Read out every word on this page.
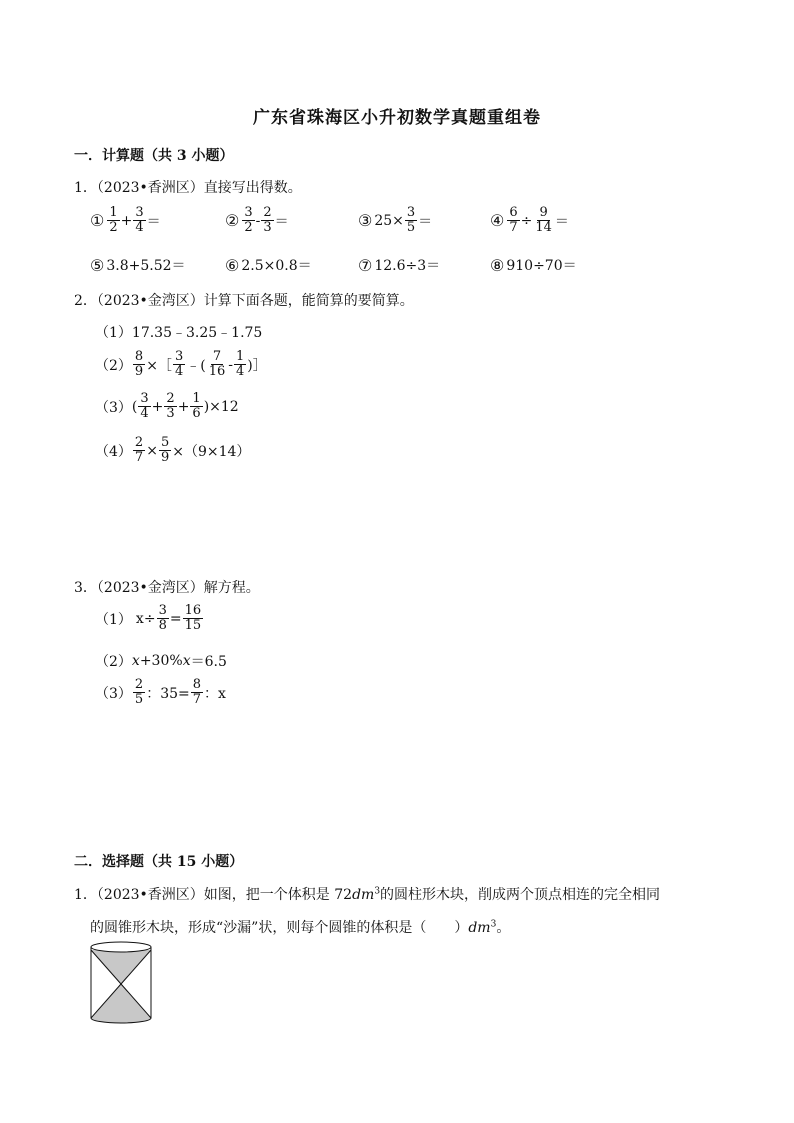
广东省珠海区小升初数学真题重组卷
一．计算题（共 3 小题）
1．（2023•香洲区）直接写出得数。
① $\frac{1}{2} + \frac{3}{4}$ ＝	② $\frac{3}{2} - \frac{2}{3}$ ＝	③ $25\times \frac{3}{5}$ ＝	④ $\frac{6}{7} \div \frac{9}{14}$ ＝
⑤ 3.8+5.52＝ ⑥ 2.5×0.8＝	⑦ 12.6÷3＝	⑧ 910÷70＝
2．（2023•金湾区）计算下面各题，能简算的要简算。
（1） 17.35﹣3.25﹣1.75
$(2) \frac{8}{9}$ ×［ $\frac{3}{4}$ ﹣( $\frac{7}{16} - \frac{1}{4}$ )］
（3） ( $\frac{3}{4} + \frac{2}{3} + \frac{1}{6} )\times 12$
$(4) \frac{2}{7} \times \frac{5}{9} \times(9\times 14)$
3．（2023•金湾区）解方程。
（1） $x\div \frac{3}{8} = \frac{16}{15}$
（2） x +30% x ＝6.5
$(3) \frac{2}{5}$ ：$35= \frac{8}{7}$ ：x
二．选择题（共 15 小题）
1．（2023•香洲区）如图，把一个体积是 $72dm^3$的圆柱形木块，削成两个顶点相连的完全相同
的圆锥形木块，形成“沙漏”状，则每个圆锥的体积是（　　）$dm^3$。
